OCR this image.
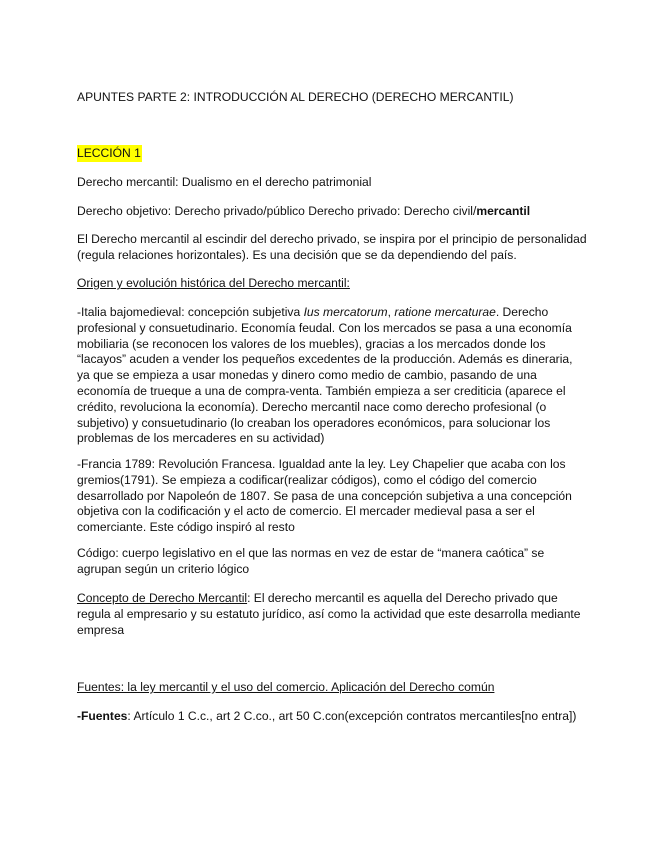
APUNTES PARTE 2: INTRODUCCIÓN AL DERECHO (DERECHO MERCANTIL)

LECCIÓN 1

Derecho mercantil: Dualismo en el derecho patrimonial

Derecho objetivo: Derecho privado/público Derecho privado: Derecho civil/mercantil

El Derecho mercantil al escindir del derecho privado, se inspira por el principio de personalidad (regula relaciones horizontales). Es una decisión que se da dependiendo del país.

Origen y evolución histórica del Derecho mercantil:

-Italia bajomedieval: concepción subjetiva Ius mercatorum, ratione mercaturae. Derecho profesional y consuetudinario. Economía feudal. Con los mercados se pasa a una economía mobiliaria (se reconocen los valores de los muebles), gracias a los mercados donde los “lacayos” acuden a vender los pequeños excedentes de la producción. Además es dineraria, ya que se empieza a usar monedas y dinero como medio de cambio, pasando de una economía de trueque a una de compra-venta. También empieza a ser crediticia (aparece el crédito, revoluciona la economía). Derecho mercantil nace como derecho profesional (o subjetivo) y consuetudinario (lo creaban los operadores económicos, para solucionar los problemas de los mercaderes en su actividad)

-Francia 1789: Revolución Francesa. Igualdad ante la ley. Ley Chapelier que acaba con los gremios(1791). Se empieza a codificar(realizar códigos), como el código del comercio desarrollado por Napoleón de 1807. Se pasa de una concepción subjetiva a una concepción objetiva con la codificación y el acto de comercio. El mercader medieval pasa a ser el comerciante. Este código inspiró al resto

Código: cuerpo legislativo en el que las normas en vez de estar de “manera caótica” se agrupan según un criterio lógico

Concepto de Derecho Mercantil: El derecho mercantil es aquella del Derecho privado que regula al empresario y su estatuto jurídico, así como la actividad que este desarrolla mediante empresa

Fuentes: la ley mercantil y el uso del comercio. Aplicación del Derecho común

-Fuentes: Artículo 1 C.c., art 2 C.co., art 50 C.con(excepción contratos mercantiles[no entra])
